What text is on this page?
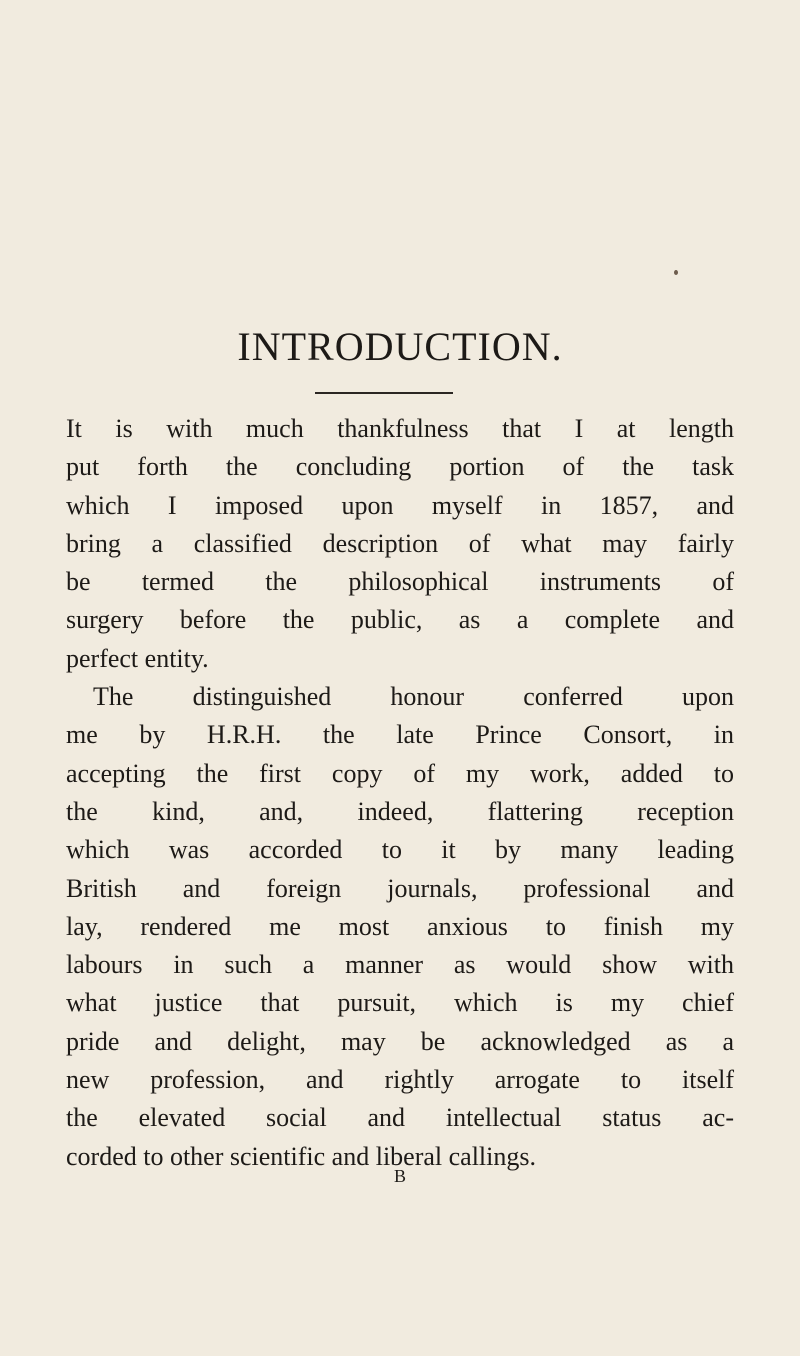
INTRODUCTION.
It is with much thankfulness that I at length
put forth the concluding portion of the task
which I imposed upon myself in 1857, and
bring a classified description of what may fairly
be termed the philosophical instruments of
surgery before the public, as a complete and
perfect entity.
The distinguished honour conferred upon
me by H.R.H. the late Prince Consort, in
accepting the first copy of my work, added to
the kind, and, indeed, flattering reception
which was accorded to it by many leading
British and foreign journals, professional and
lay, rendered me most anxious to finish my
labours in such a manner as would show with
what justice that pursuit, which is my chief
pride and delight, may be acknowledged as a
new profession, and rightly arrogate to itself
the elevated social and intellectual status ac-
corded to other scientific and liberal callings.
B
